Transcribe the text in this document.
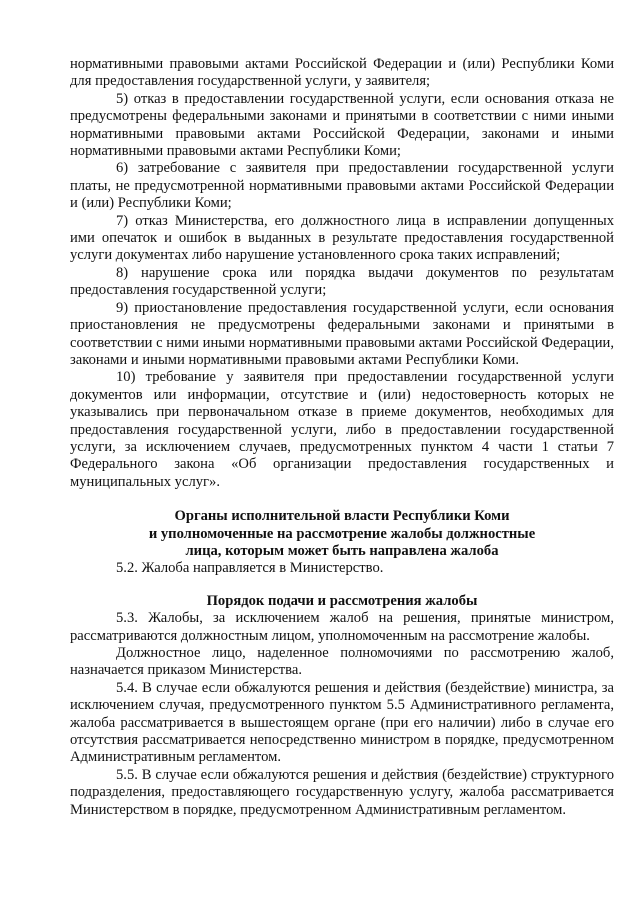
нормативными правовыми актами Российской Федерации и (или) Республики Коми для предоставления государственной услуги, у заявителя;

5) отказ в предоставлении государственной услуги, если основания отказа не предусмотрены федеральными законами и принятыми в соответствии с ними иными нормативными правовыми актами Российской Федерации, законами и иными нормативными правовыми актами Республики Коми;

6) затребование с заявителя при предоставлении государственной услуги платы, не предусмотренной нормативными правовыми актами Российской Федерации и (или) Республики Коми;

7) отказ Министерства, его должностного лица в исправлении допущенных ими опечаток и ошибок в выданных в результате предоставления государственной услуги документах либо нарушение установленного срока таких исправлений;

8) нарушение срока или порядка выдачи документов по результатам предоставления государственной услуги;

9) приостановление предоставления государственной услуги, если основания приостановления не предусмотрены федеральными законами и принятыми в соответствии с ними иными нормативными правовыми актами Российской Федерации, законами и иными нормативными правовыми актами Республики Коми.

10) требование у заявителя при предоставлении государственной услуги документов или информации, отсутствие и (или) недостоверность которых не указывались при первоначальном отказе в приеме документов, необходимых для предоставления государственной услуги, либо в предоставлении государственной услуги, за исключением случаев, предусмотренных пунктом 4 части 1 статьи 7 Федерального закона «Об организации предоставления государственных и муниципальных услуг».

Органы исполнительной власти Республики Коми

и уполномоченные на рассмотрение жалобы должностные

лица, которым может быть направлена жалоба

5.2. Жалоба направляется в Министерство.

Порядок подачи и рассмотрения жалобы

5.3. Жалобы, за исключением жалоб на решения, принятые министром, рассматриваются должностным лицом, уполномоченным на рассмотрение жалобы.

Должностное лицо, наделенное полномочиями по рассмотрению жалоб, назначается приказом Министерства.

5.4. В случае если обжалуются решения и действия (бездействие) министра, за исключением случая, предусмотренного пунктом 5.5 Административного регламента, жалоба рассматривается в вышестоящем органе (при его наличии) либо в случае его отсутствия рассматривается непосредственно министром в порядке, предусмотренном Административным регламентом.

5.5. В случае если обжалуются решения и действия (бездействие) структурного подразделения, предоставляющего государственную услугу, жалоба рассматривается Министерством в порядке, предусмотренном Административным регламентом.
